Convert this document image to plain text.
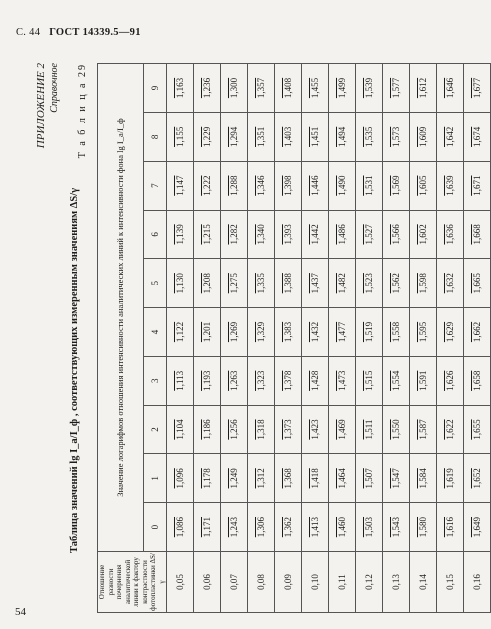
С. 44 ГОСТ 14339.5—91
ПРИЛОЖЕНИЕ 2 Справочное Т а б л и ц а 29
Таблица значений lg I_a/I_ф , соответствующих измеренным значениям ΔS/γ
Отношение разности почернения аналитической линии к фактору контрастности фотопластинки ΔS/γ	Значение логарифмов отношения интенсивности аналитических линий к интенсивности фона lg I_a/I_ф									
	0	1	2	3	4	5	6	7	8	9
0,05	1,086	1,096	1,104	1,113	1,122	1,130	1,139	1,147	1,155	1,163
0,06	1,171	1,178	1,186	1,193	1,201	1,208	1,215	1,222	1,229	1,236
0,07	1,243	1,249	1,256	1,263	1,269	1,275	1,282	1,288	1,294	1,300
0,08	1,306	1,312	1,318	1,323	1,329	1,335	1,340	1,346	1,351	1,357
0,09	1,362	1,368	1,373	1,378	1,383	1,388	1,393	1,398	1,403	1,408
0,10	1,413	1,418	1,423	1,428	1,432	1,437	1,442	1,446	1,451	1,455
0,11	1,460	1,464	1,469	1,473	1,477	1,482	1,486	1,490	1,494	1,499
0,12	1,503	1,507	1,511	1,515	1,519	1,523	1,527	1,531	1,535	1,539
0,13	1,543	1,547	1,550	1,554	1,558	1,562	1,566	1,569	1,573	1,577
0,14	1,580	1,584	1,587	1,591	1,595	1,598	1,602	1,605	1,609	1,612
0,15	1,616	1,619	1,622	1,626	1,629	1,632	1,636	1,639	1,642	1,646
0,16	1,649	1,652	1,655	1,658	1,662	1,665	1,668	1,671	1,674	1,677
54
